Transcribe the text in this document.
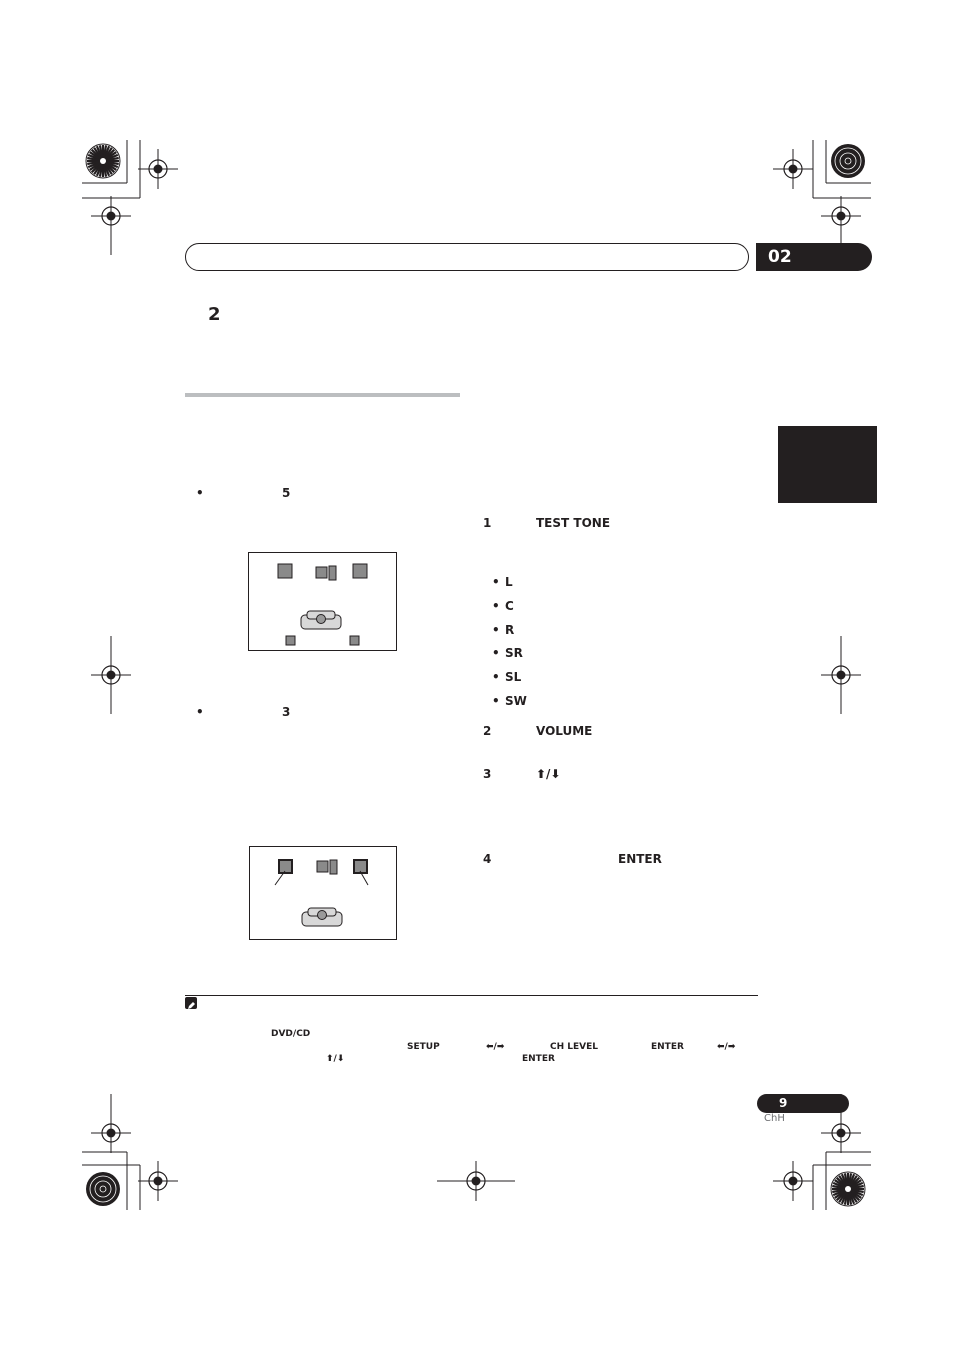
02
2
•	5
•	3
1	TEST TONE
• L
• C
• R
• SR
• SL
• SW
2	VOLUME
3	⬆/⬇
4	ENTER
DVD/CD
SETUP	⬅/➡	CH LEVEL	ENTER	⬅/➡
⬆/⬇	ENTER
9
ChH
